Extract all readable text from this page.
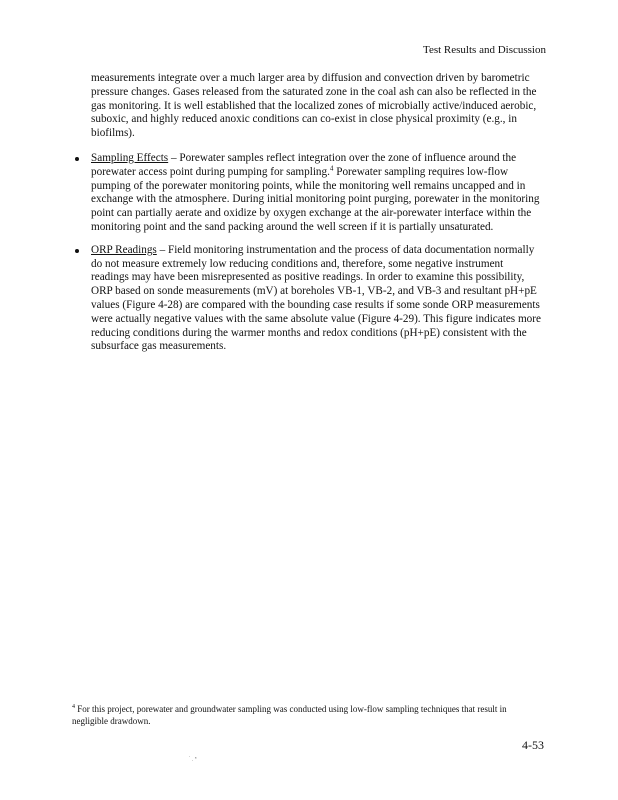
Test Results and Discussion

measurements integrate over a much larger area by diffusion and convection driven by barometric pressure changes. Gases released from the saturated zone in the coal ash can also be reflected in the gas monitoring. It is well established that the localized zones of microbially active/induced aerobic, suboxic, and highly reduced anoxic conditions can co-exist in close physical proximity (e.g., in biofilms).

Sampling Effects – Porewater samples reflect integration over the zone of influence around the porewater access point during pumping for sampling.$^4$ Porewater sampling requires low-flow pumping of the porewater monitoring points, while the monitoring well remains uncapped and in exchange with the atmosphere. During initial monitoring point purging, porewater in the monitoring point can partially aerate and oxidize by oxygen exchange at the air-porewater interface within the monitoring point and the sand packing around the well screen if it is partially unsaturated.
ORP Readings – Field monitoring instrumentation and the process of data documentation normally do not measure extremely low reducing conditions and, therefore, some negative instrument readings may have been misrepresented as positive readings. In order to examine this possibility, ORP based on sonde measurements (mV) at boreholes VB-1, VB-2, and VB-3 and resultant pH+pE values (Figure 4-28) are compared with the bounding case results if some sonde ORP measurements were actually negative values with the same absolute value (Figure 4-29). This figure indicates more reducing conditions during the warmer months and redox conditions (pH+pE) consistent with the subsurface gas measurements.
$^4$ For this project, porewater and groundwater sampling was conducted using low-flow sampling techniques that result in negligible drawdown.
4-53
ˈ ˌ ⁿ
